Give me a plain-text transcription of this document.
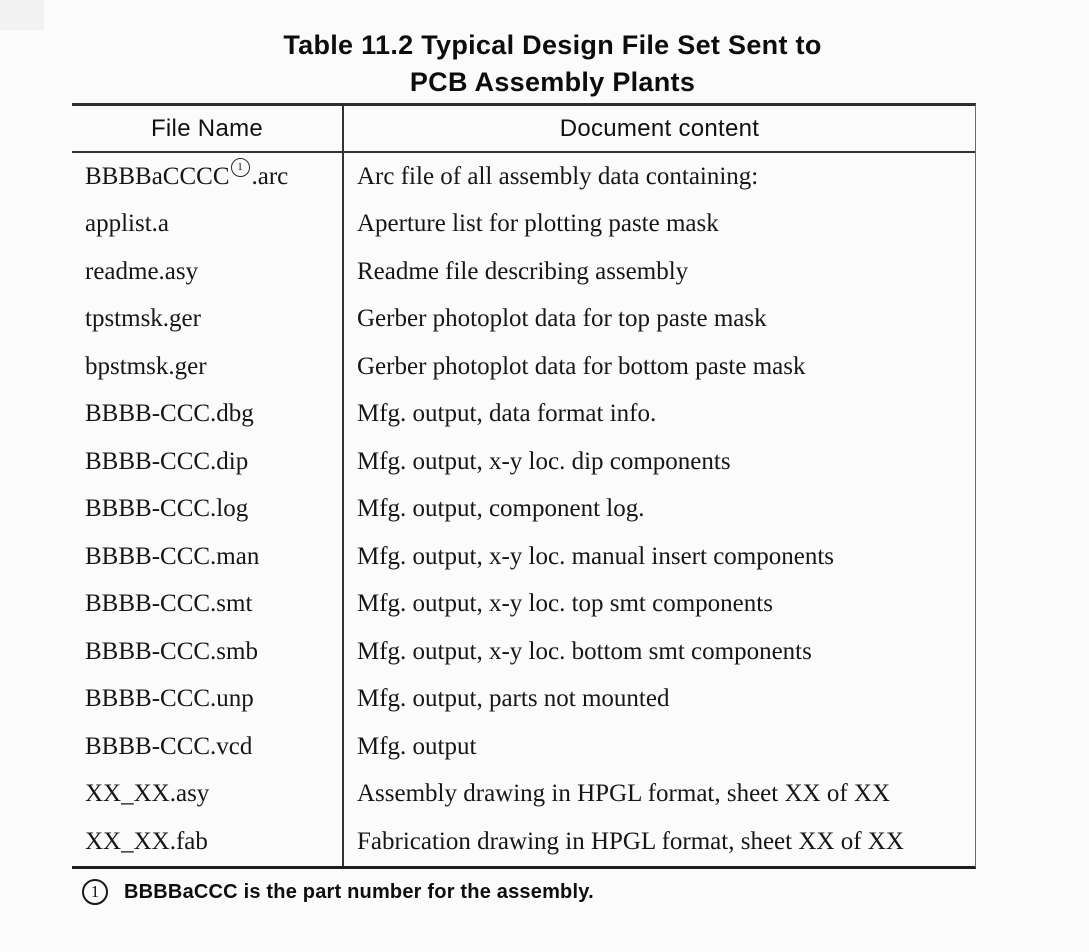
Table 11.2 Typical Design File Set Sent to
PCB Assembly Plants
File Name	Document content
BBBBaCCCC 1 .arc	Arc file of all assembly data containing:
applist.a	Aperture list for plotting paste mask
readme.asy	Readme file describing assembly
tpstmsk.ger	Gerber photoplot data for top paste mask
bpstmsk.ger	Gerber photoplot data for bottom paste mask
BBBB-CCC.dbg	Mfg. output, data format info.
BBBB-CCC.dip	Mfg. output, x-y loc. dip components
BBBB-CCC.log	Mfg. output, component log.
BBBB-CCC.man	Mfg. output, x-y loc. manual insert components
BBBB-CCC.smt	Mfg. output, x-y loc. top smt components
BBBB-CCC.smb	Mfg. output, x-y loc. bottom smt components
BBBB-CCC.unp	Mfg. output, parts not mounted
BBBB-CCC.vcd	Mfg. output
XX_XX.asy	Assembly drawing in HPGL format, sheet XX of XX
XX_XX.fab	Fabrication drawing in HPGL format, sheet XX of XX
1	BBBBaCCC is the part number for the assembly.
